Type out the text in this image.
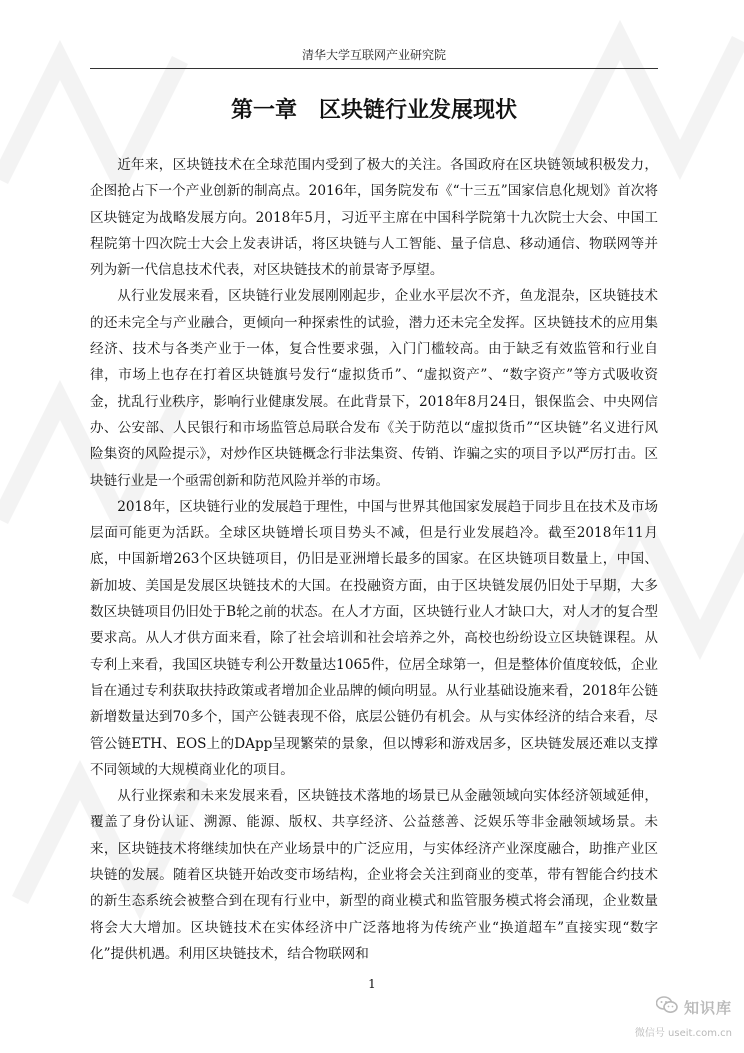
清华大学互联网产业研究院
第一章　区块链行业发展现状

近年来，区块链技术在全球范围内受到了极大的关注。各国政府在区块链领域积极发力，企图抢占下一个产业创新的制高点。2016年，国务院发布《“十三五”国家信息化规划》首次将区块链定为战略发展方向。2018年5月，习近平主席在中国科学院第十九次院士大会、中国工程院第十四次院士大会上发表讲话，将区块链与人工智能、量子信息、移动通信、物联网等并列为新一代信息技术代表，对区块链技术的前景寄予厚望。

从行业发展来看，区块链行业发展刚刚起步，企业水平层次不齐，鱼龙混杂，区块链技术的还未完全与产业融合，更倾向一种探索性的试验，潜力还未完全发挥。区块链技术的应用集经济、技术与各类产业于一体，复合性要求强，入门门槛较高。由于缺乏有效监管和行业自律，市场上也存在打着区块链旗号发行“虚拟货币”、“虚拟资产”、“数字资产”等方式吸收资金，扰乱行业秩序，影响行业健康发展。在此背景下，2018年8月24日，银保监会、中央网信办、公安部、人民银行和市场监管总局联合发布《关于防范以“虚拟货币”“区块链”名义进行风险集资的风险提示》，对炒作区块链概念行非法集资、传销、诈骗之实的项目予以严厉打击。区块链行业是一个亟需创新和防范风险并举的市场。

2018年，区块链行业的发展趋于理性，中国与世界其他国家发展趋于同步且在技术及市场层面可能更为活跃。全球区块链增长项目势头不减，但是行业发展趋冷。截至2018年11月底，中国新增263个区块链项目，仍旧是亚洲增长最多的国家。在区块链项目数量上，中国、新加坡、美国是发展区块链技术的大国。在投融资方面，由于区块链发展仍旧处于早期，大多数区块链项目仍旧处于B轮之前的状态。在人才方面，区块链行业人才缺口大，对人才的复合型要求高。从人才供方面来看，除了社会培训和社会培养之外，高校也纷纷设立区块链课程。从专利上来看，我国区块链专利公开数量达1065件，位居全球第一，但是整体价值度较低，企业旨在通过专利获取扶持政策或者增加企业品牌的倾向明显。从行业基础设施来看，2018年公链新增数量达到70多个，国产公链表现不俗，底层公链仍有机会。从与实体经济的结合来看，尽管公链ETH、EOS上的DApp呈现繁荣的景象，但以博彩和游戏居多，区块链发展还难以支撑不同领域的大规模商业化的项目。

从行业探索和未来发展来看，区块链技术落地的场景已从金融领域向实体经济领域延伸，覆盖了身份认证、溯源、能源、版权、共享经济、公益慈善、泛娱乐等非金融领域场景。未来，区块链技术将继续加快在产业场景中的广泛应用，与实体经济产业深度融合，助推产业区块链的发展。随着区块链开始改变市场结构，企业将会关注到商业的变革，带有智能合约技术的新生态系统会被整合到在现有行业中，新型的商业模式和监管服务模式将会涌现，企业数量将会大大增加。区块链技术在实体经济中广泛落地将为传统产业“换道超车”直接实现“数字化”提供机遇。利用区块链技术，结合物联网和

1
知识库
微信号 useit.com.cn
